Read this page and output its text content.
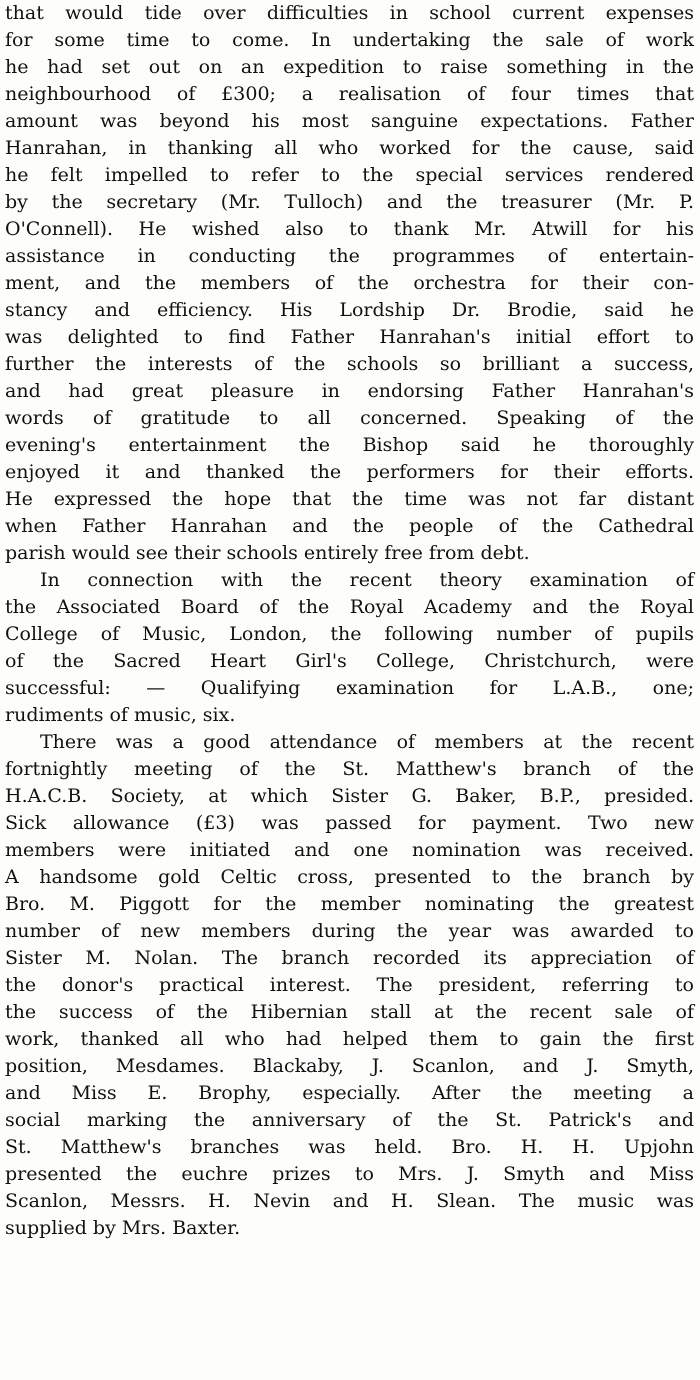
that would tide over difficulties in school current expenses
for some time to come. In undertaking the sale of work
he had set out on an expedition to raise something in the
neighbourhood of £300; a realisation of four times that
amount was beyond his most sanguine expectations. Father
Hanrahan, in thanking all who worked for the cause, said
he felt impelled to refer to the special services rendered
by the secretary (Mr. Tulloch) and the treasurer (Mr. P.
O'Connell). He wished also to thank Mr. Atwill for his
assistance in conducting the programmes of entertain-
ment, and the members of the orchestra for their con-
stancy and efficiency. His Lordship Dr. Brodie, said he
was delighted to find Father Hanrahan's initial effort to
further the interests of the schools so brilliant a success,
and had great pleasure in endorsing Father Hanrahan's
words of gratitude to all concerned. Speaking of the
evening's entertainment the Bishop said he thoroughly
enjoyed it and thanked the performers for their efforts.
He expressed the hope that the time was not far distant
when Father Hanrahan and the people of the Cathedral
parish would see their schools entirely free from debt.
In connection with the recent theory examination of
the Associated Board of the Royal Academy and the Royal
College of Music, London, the following number of pupils
of the Sacred Heart Girl's College, Christchurch, were
successful: — Qualifying examination for L.A.B., one;
rudiments of music, six.
There was a good attendance of members at the recent
fortnightly meeting of the St. Matthew's branch of the
H.A.C.B. Society, at which Sister G. Baker, B.P., presided.
Sick allowance (£3) was passed for payment. Two new
members were initiated and one nomination was received.
A handsome gold Celtic cross, presented to the branch by
Bro. M. Piggott for the member nominating the greatest
number of new members during the year was awarded to
Sister M. Nolan. The branch recorded its appreciation of
the donor's practical interest. The president, referring to
the success of the Hibernian stall at the recent sale of
work, thanked all who had helped them to gain the first
position, Mesdames. Blackaby, J. Scanlon, and J. Smyth,
and Miss E. Brophy, especially. After the meeting a
social marking the anniversary of the St. Patrick's and
St. Matthew's branches was held. Bro. H. H. Upjohn
presented the euchre prizes to Mrs. J. Smyth and Miss
Scanlon, Messrs. H. Nevin and H. Slean. The music was
supplied by Mrs. Baxter.
